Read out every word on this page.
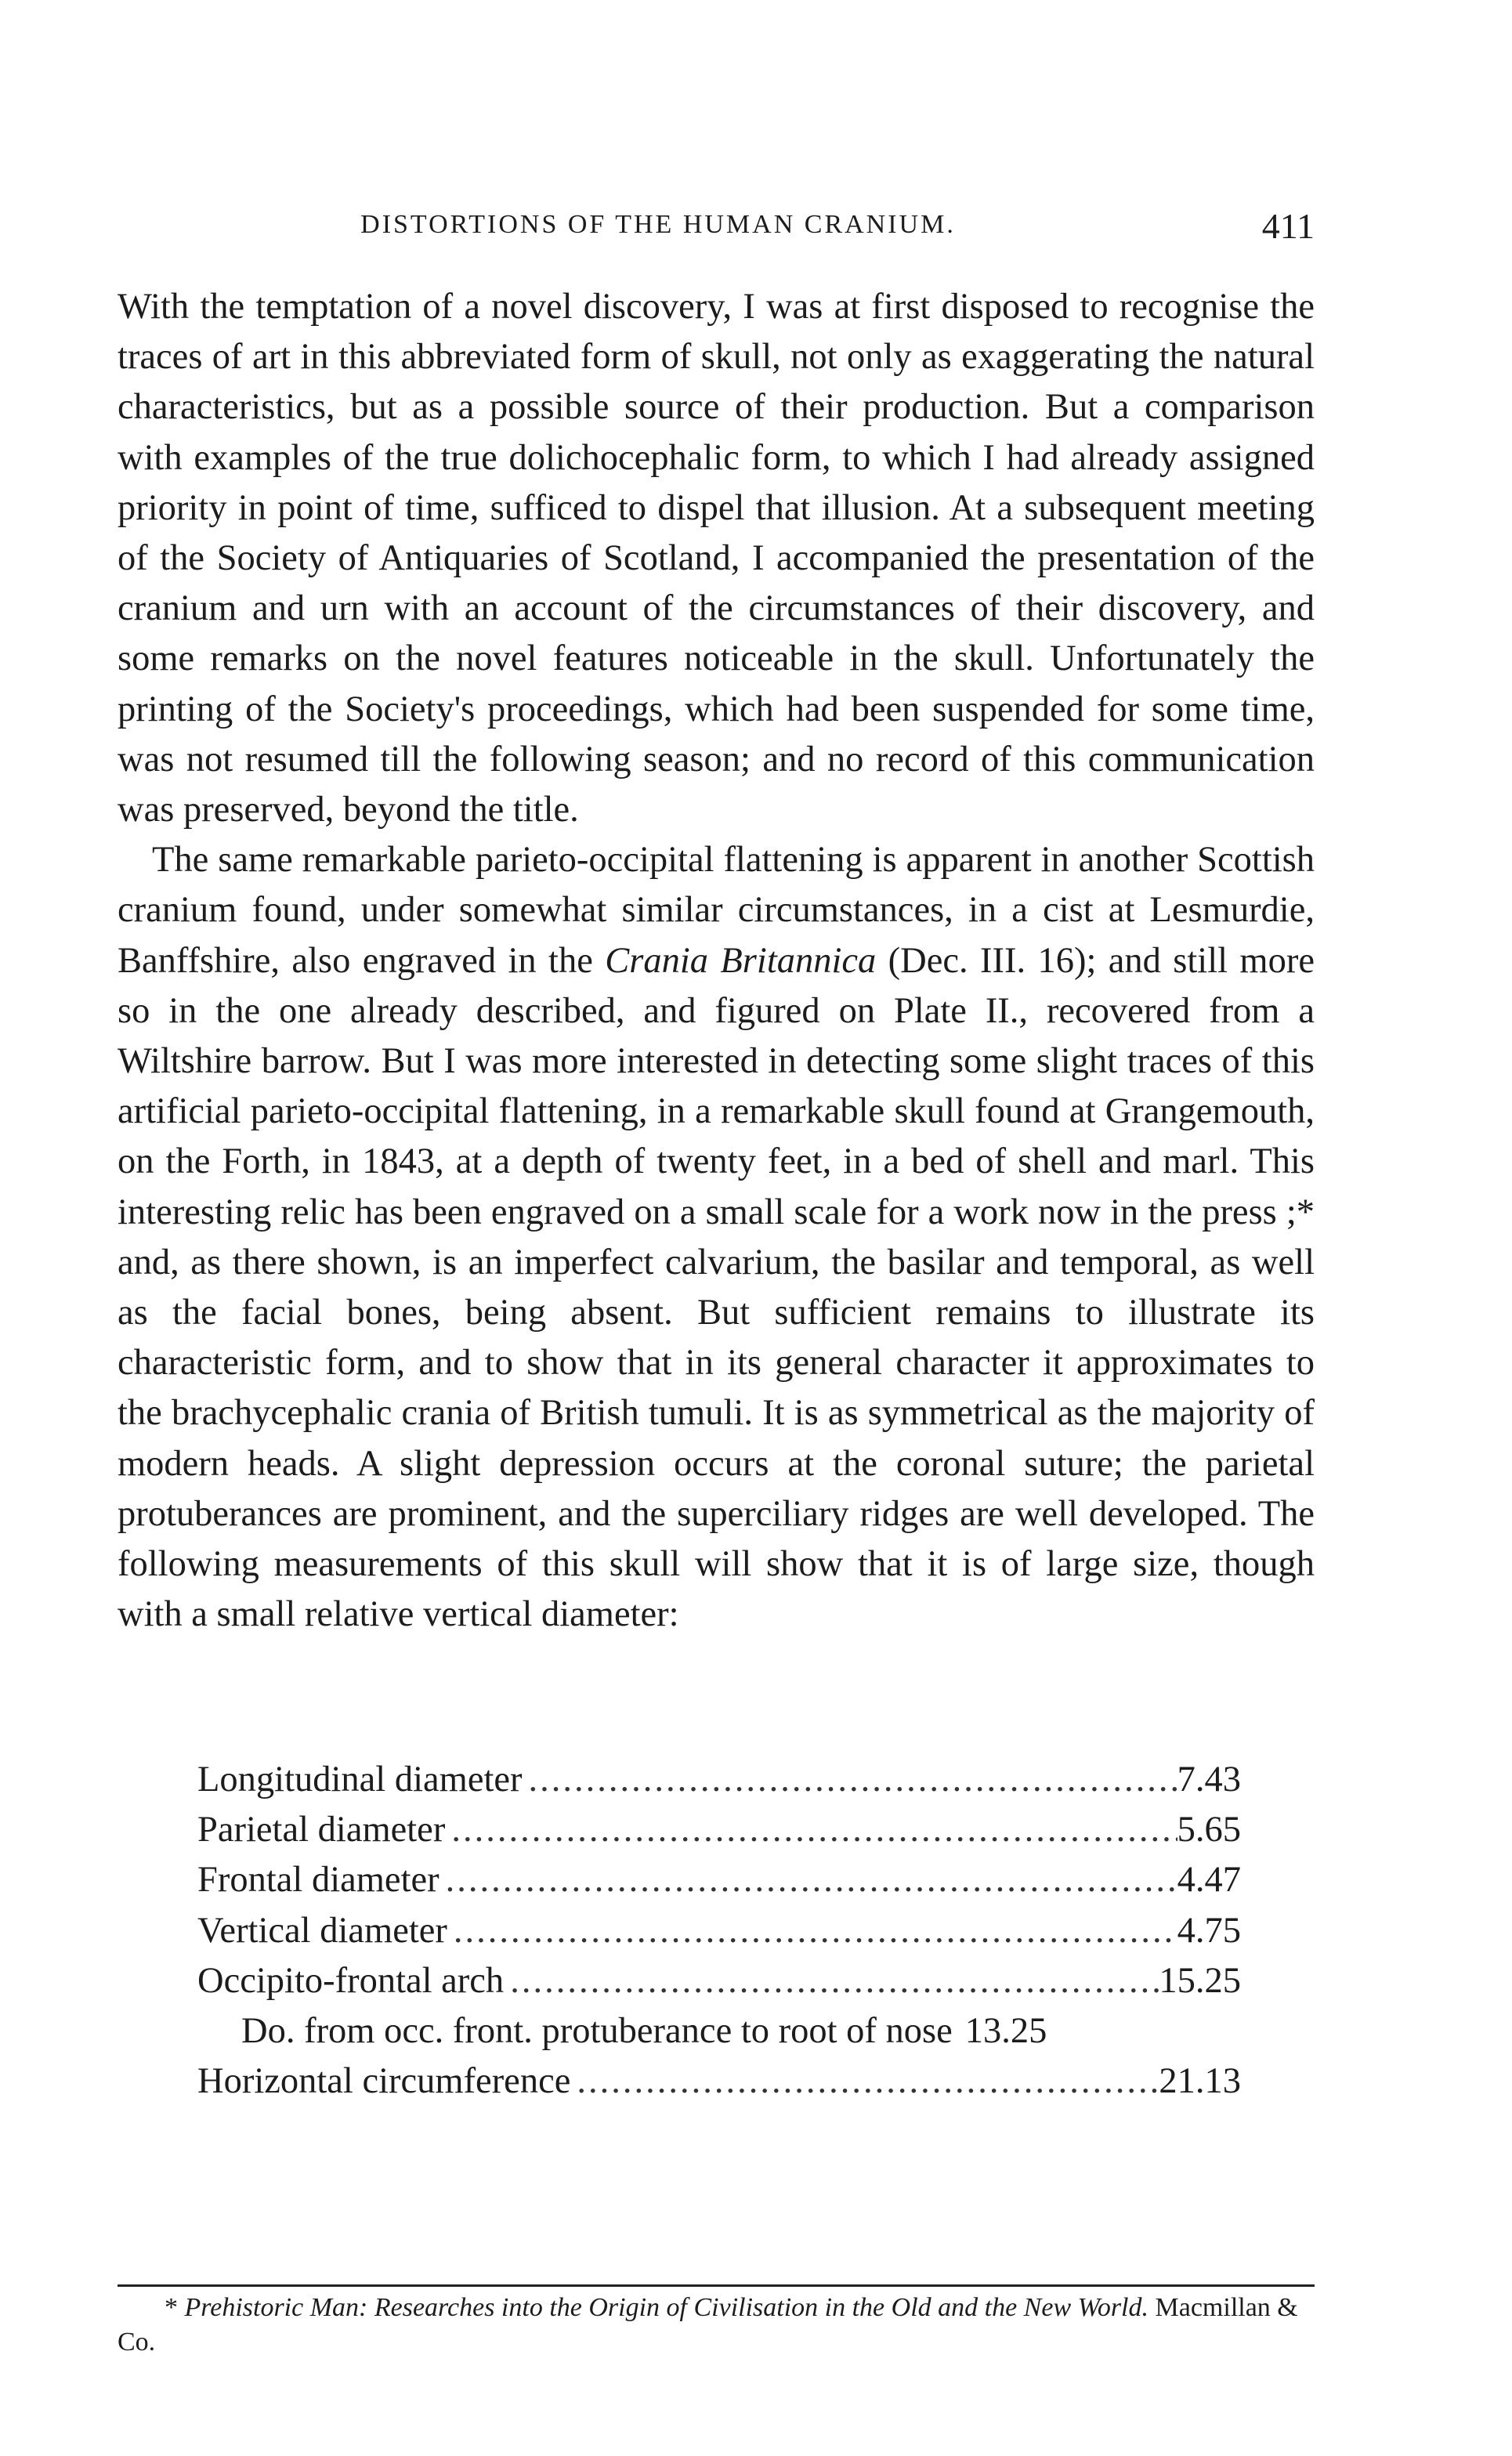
DISTORTIONS OF THE HUMAN CRANIUM.	411

With the temptation of a novel discovery, I was at first disposed to recognise the traces of art in this abbreviated form of skull, not only as exaggerating the natural characteristics, but as a possible source of their production. But a comparison with examples of the true dolichocephalic form, to which I had already assigned priority in point of time, sufficed to dispel that illusion. At a subsequent meeting of the Society of Antiquaries of Scotland, I accompanied the presentation of the cranium and urn with an account of the circumstances of their discovery, and some remarks on the novel features noticeable in the skull. Unfortunately the printing of the Society's proceedings, which had been suspended for some time, was not resumed till the following season; and no record of this communication was preserved, beyond the title.

The same remarkable parieto-occipital flattening is apparent in another Scottish cranium found, under somewhat similar circumstances, in a cist at Lesmurdie, Banffshire, also engraved in the Crania Britannica (Dec. III. 16); and still more so in the one already described, and figured on Plate II., recovered from a Wiltshire barrow. But I was more interested in detecting some slight traces of this artificial parieto-occipital flattening, in a remarkable skull found at Grangemouth, on the Forth, in 1843, at a depth of twenty feet, in a bed of shell and marl. This interesting relic has been engraved on a small scale for a work now in the press ;* and, as there shown, is an imperfect calvarium, the basilar and temporal, as well as the facial bones, being absent. But sufficient remains to illustrate its characteristic form, and to show that in its general character it approximates to the brachycephalic crania of British tumuli. It is as symmetrical as the majority of modern heads. A slight depression occurs at the coronal suture; the parietal protuberances are prominent, and the superciliary ridges are well developed. The following measurements of this skull will show that it is of large size, though with a small relative vertical diameter:

Longitudinal diameter .....	7.43
Parietal diameter .....	5.65
Frontal diameter .....	4.47
Vertical diameter .....	4.75
Occipito-frontal arch .....	15.25
Do. from occ. front. protuberance to root of nose 13.25
Horizontal circumference .....	21.13
* Prehistoric Man: Researches into the Origin of Civilisation in the Old and the New World. Macmillan & Co.
